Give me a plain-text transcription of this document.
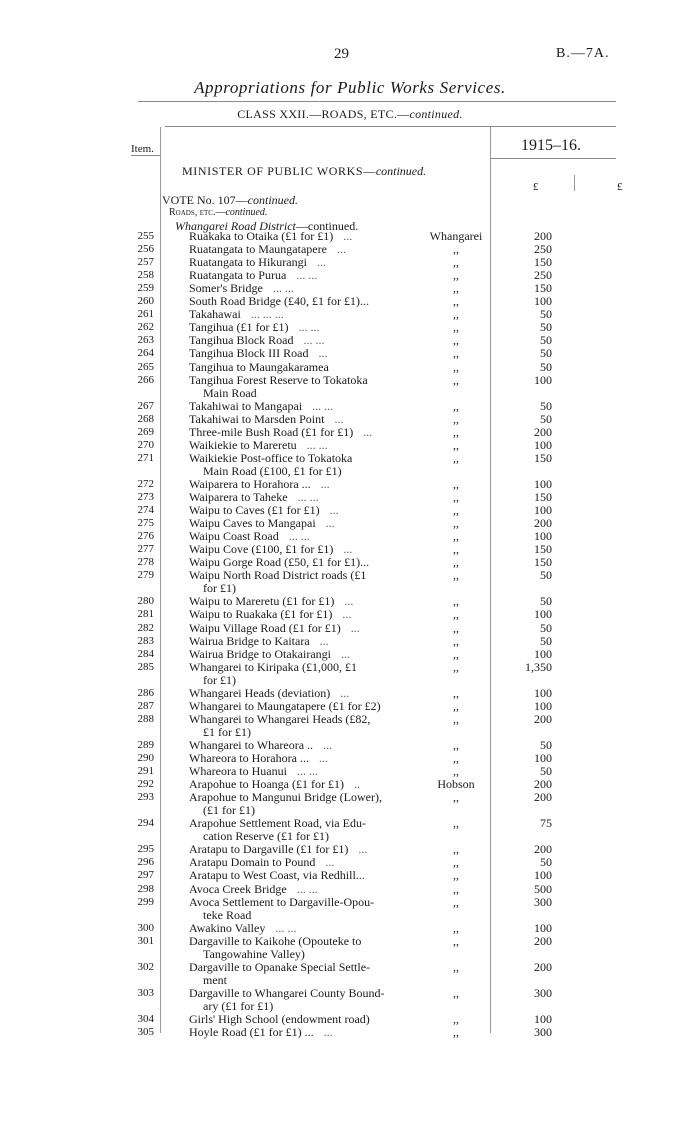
29	B.—7A.
Appropriations for Public Works Services.
CLASS XXII.—ROADS, ETC.—continued.
Item.	1915–16.
MINISTER OF PUBLIC WORKS—continued.
£	£
VOTE No. 107—continued.
Roads, etc.—continued.
Whangarei Road District—continued.
255	Ruakaka to Otaika (£1 for £1) ...	Whangarei	200
256	Ruatangata to Maungatapere ...	,,	250
257	Ruatangata to Hikurangi ...	,,	150
258	Ruatangata to Purua ... ...	,,	250
259	Somer's Bridge ... ...	,,	150
260	South Road Bridge (£40, £1 for £1)...	,,	100
261	Takahawai ... ... ...	,,	50
262	Tangihua (£1 for £1) ... ...	,,	50
263	Tangihua Block Road ... ...	,,	50
264	Tangihua Block III Road ...	,,	50
265	Tangihua to Maungakaramea	,,	50
266	Tangihua Forest Reserve to Tokatoka	,,	100
Main Road
267	Takahiwai to Mangapai ... ...	,,	50
268	Takahiwai to Marsden Point ...	,,	50
269	Three-mile Bush Road (£1 for £1) ...	,,	200
270	Waikiekie to Mareretu ... ...	,,	100
271	Waikiekie Post-office to Tokatoka	,,	150
Main Road (£100, £1 for £1)
272	Waiparera to Horahora ... ...	,,	100
273	Waiparera to Taheke ... ...	,,	150
274	Waipu to Caves (£1 for £1) ...	,,	100
275	Waipu Caves to Mangapai ...	,,	200
276	Waipu Coast Road ... ...	,,	100
277	Waipu Cove (£100, £1 for £1) ...	,,	150
278	Waipu Gorge Road (£50, £1 for £1)...	,,	150
279	Waipu North Road District roads (£1	,,	50
for £1)
280	Waipu to Mareretu (£1 for £1) ...	,,	50
281	Waipu to Ruakaka (£1 for £1) ...	,,	100
282	Waipu Village Road (£1 for £1) ...	,,	50
283	Wairua Bridge to Kaitara ...	,,	50
284	Wairua Bridge to Otakairangi ...	,,	100
285	Whangarei to Kiripaka (£1,000, £1	,,	1,350
for £1)
286	Whangarei Heads (deviation) ...	,,	100
287	Whangarei to Maungatapere (£1 for £2)	,,	100
288	Whangarei to Whangarei Heads (£82,	,,	200
£1 for £1)
289	Whangarei to Whareora .. ...	,,	50
290	Whareora to Horahora ... ...	,,	100
291	Whareora to Huanui ... ...	,,	50
292	Arapohue to Hoanga (£1 for £1) ..	Hobson	200
293	Arapohue to Mangunui Bridge (Lower),	,,	200
(£1 for £1)
294	Arapohue Settlement Road, via Edu-	,,	75
cation Reserve (£1 for £1)
295	Aratapu to Dargaville (£1 for £1) ...	,,	200
296	Aratapu Domain to Pound ...	,,	50
297	Aratapu to West Coast, via Redhill...	,,	100
298	Avoca Creek Bridge ... ...	,,	500
299	Avoca Settlement to Dargaville-Opou-	,,	300
teke Road
300	Awakino Valley ... ...	,,	100
301	Dargaville to Kaikohe (Opouteke to	,,	200
Tangowahine Valley)
302	Dargaville to Opanake Special Settle-	,,	200
ment
303	Dargaville to Whangarei County Bound-	,,	300
ary (£1 for £1)
304	Girls' High School (endowment road)	,,	100
305	Hoyle Road (£1 for £1) ... ...	,,	300
